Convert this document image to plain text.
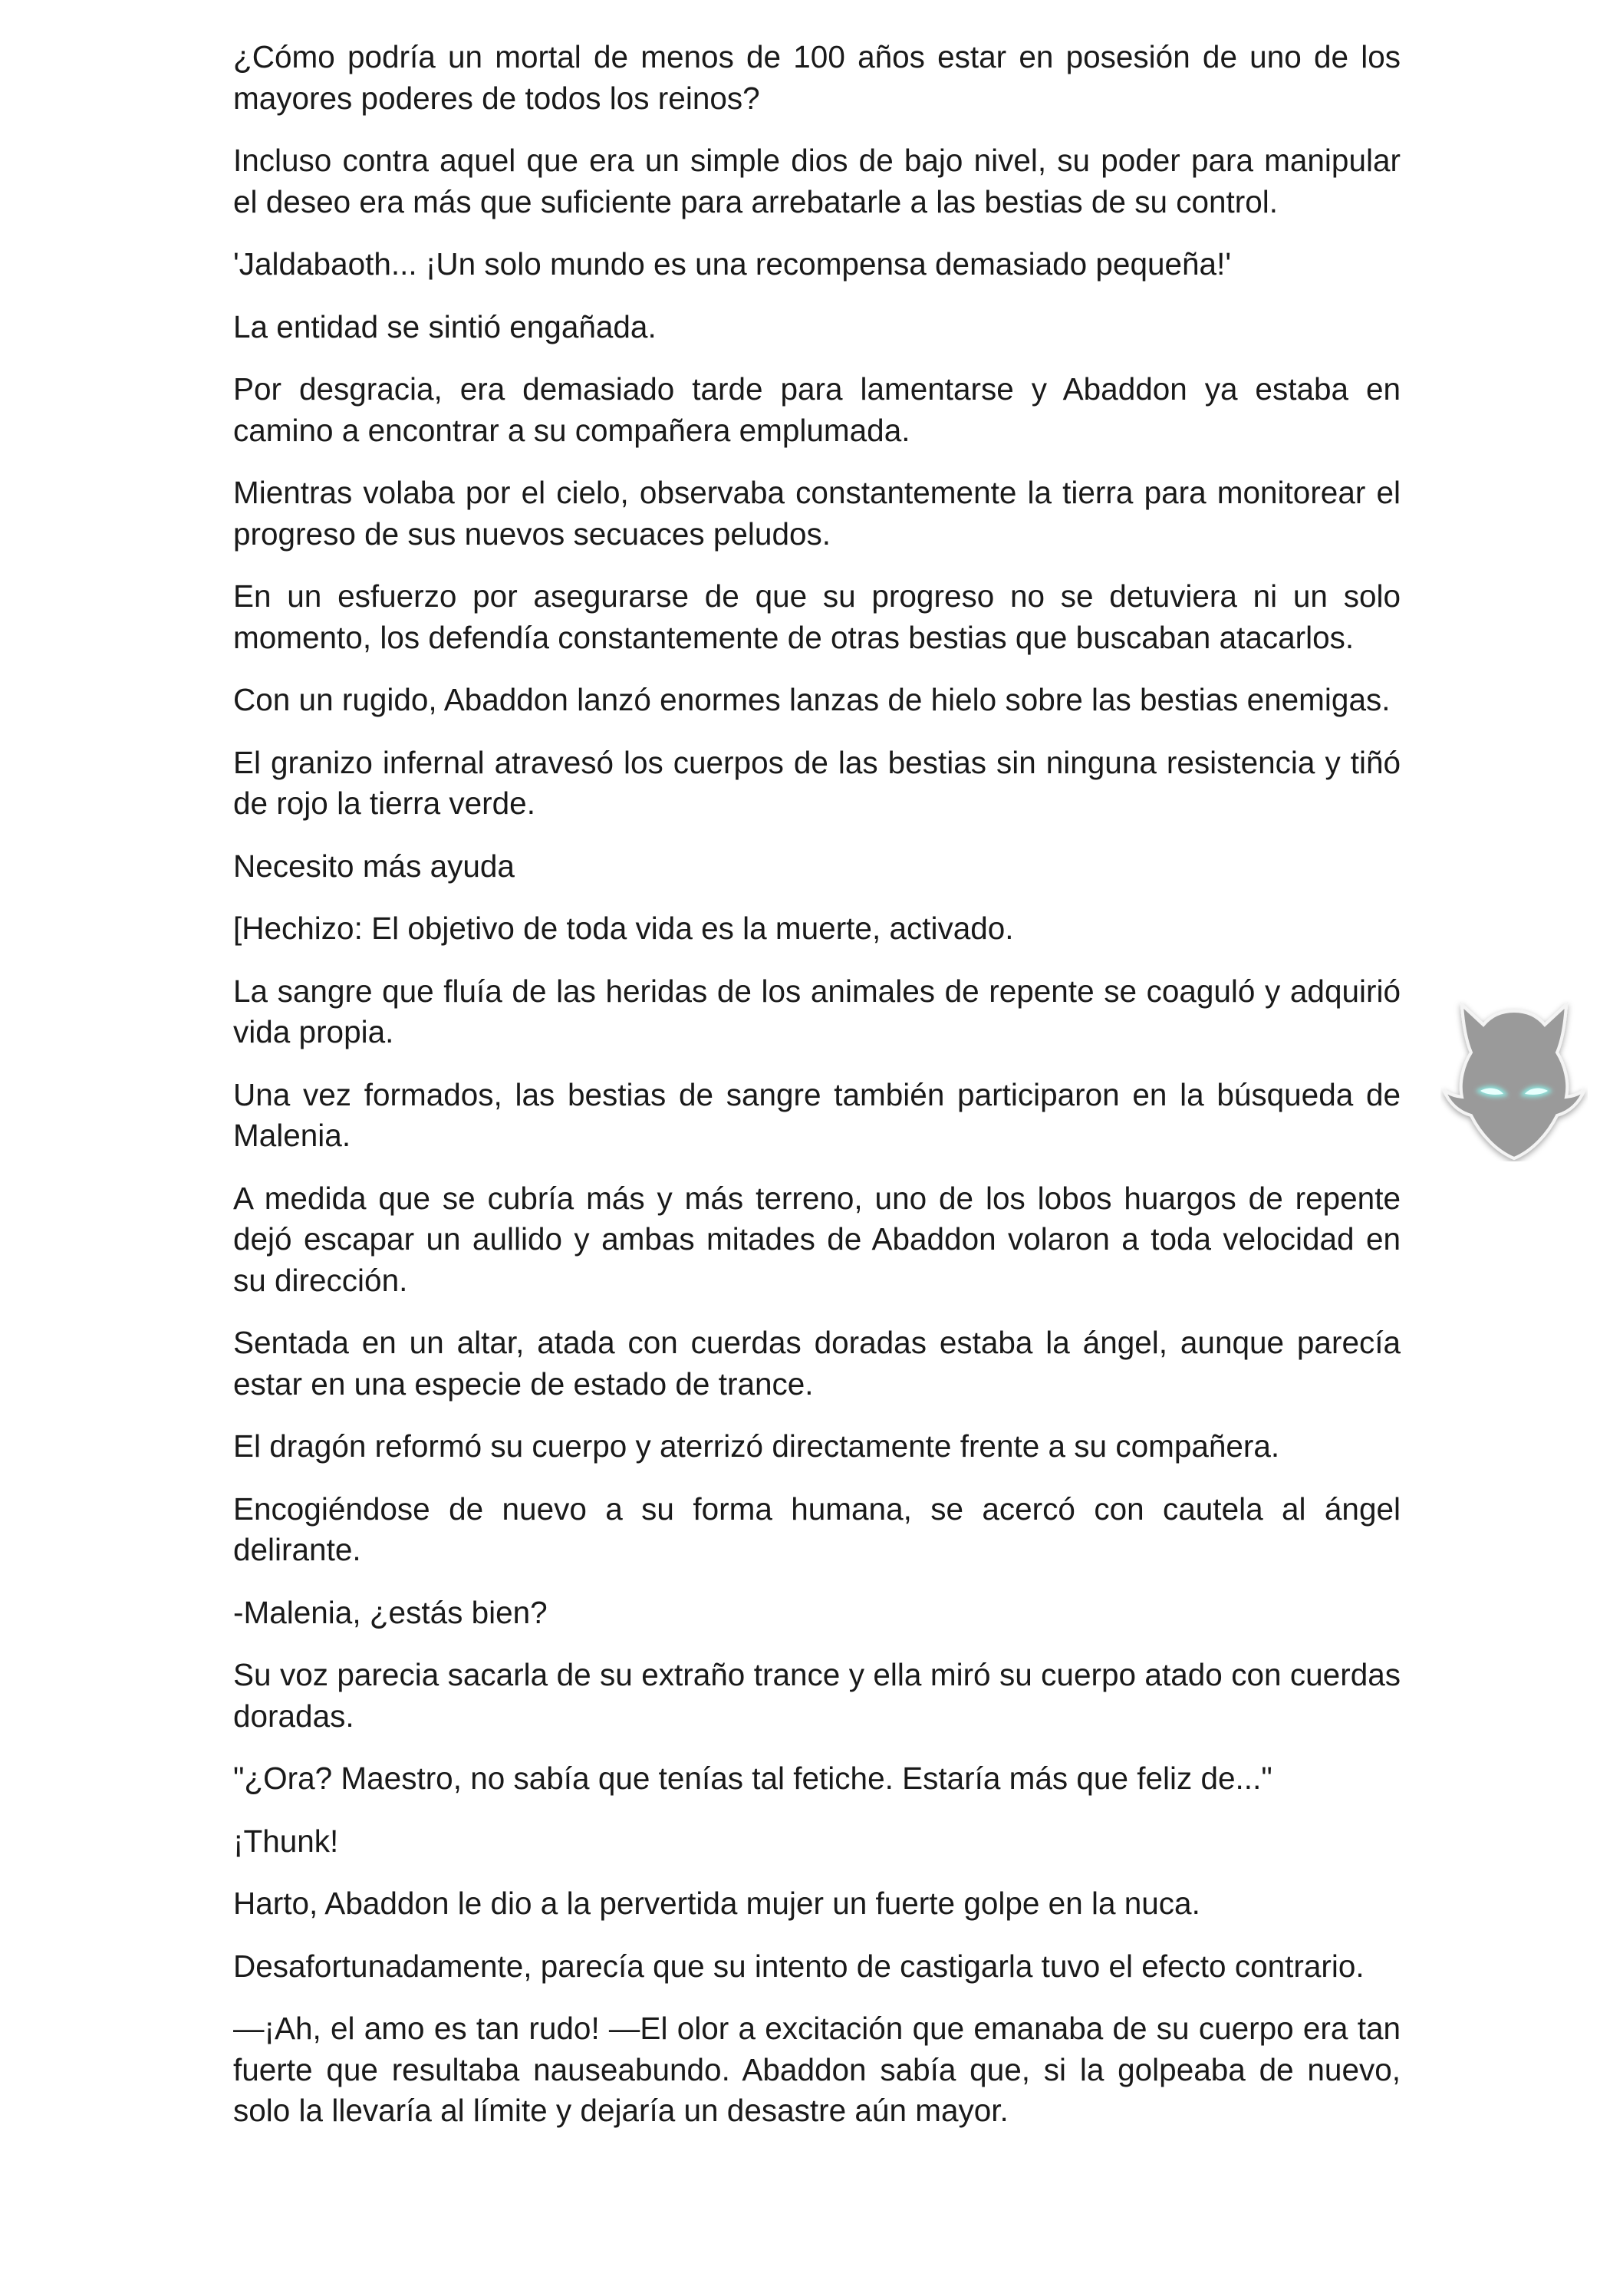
¿Cómo podría un mortal de menos de 100 años estar en posesión de uno de los mayores poderes de todos los reinos?

Incluso contra aquel que era un simple dios de bajo nivel, su poder para manipular el deseo era más que suficiente para arrebatarle a las bestias de su control.

'Jaldabaoth... ¡Un solo mundo es una recompensa demasiado pequeña!'

La entidad se sintió engañada.

Por desgracia, era demasiado tarde para lamentarse y Abaddon ya estaba en camino a encontrar a su compañera emplumada.

Mientras volaba por el cielo, observaba constantemente la tierra para monitorear el progreso de sus nuevos secuaces peludos.

En un esfuerzo por asegurarse de que su progreso no se detuviera ni un solo momento, los defendía constantemente de otras bestias que buscaban atacarlos.

Con un rugido, Abaddon lanzó enormes lanzas de hielo sobre las bestias enemigas.

El granizo infernal atravesó los cuerpos de las bestias sin ninguna resistencia y tiñó de rojo la tierra verde.

Necesito más ayuda

[Hechizo: El objetivo de toda vida es la muerte, activado.

La sangre que fluía de las heridas de los animales de repente se coaguló y adquirió vida propia.

Una vez formados, las bestias de sangre también participaron en la búsqueda de Malenia.

A medida que se cubría más y más terreno, uno de los lobos huargos de repente dejó escapar un aullido y ambas mitades de Abaddon volaron a toda velocidad en su dirección.

Sentada en un altar, atada con cuerdas doradas estaba la ángel, aunque parecía estar en una especie de estado de trance.

El dragón reformó su cuerpo y aterrizó directamente frente a su compañera.

Encogiéndose de nuevo a su forma humana, se acercó con cautela al ángel delirante.

-Malenia, ¿estás bien?

Su voz parecia sacarla de su extraño trance y ella miró su cuerpo atado con cuerdas doradas.

"¿Ora? Maestro, no sabía que tenías tal fetiche. Estaría más que feliz de..."

¡Thunk!

Harto, Abaddon le dio a la pervertida mujer un fuerte golpe en la nuca.

Desafortunadamente, parecía que su intento de castigarla tuvo el efecto contrario.

—¡Ah, el amo es tan rudo! —El olor a excitación que emanaba de su cuerpo era tan fuerte que resultaba nauseabundo. Abaddon sabía que, si la golpeaba de nuevo, solo la llevaría al límite y dejaría un desastre aún mayor.
